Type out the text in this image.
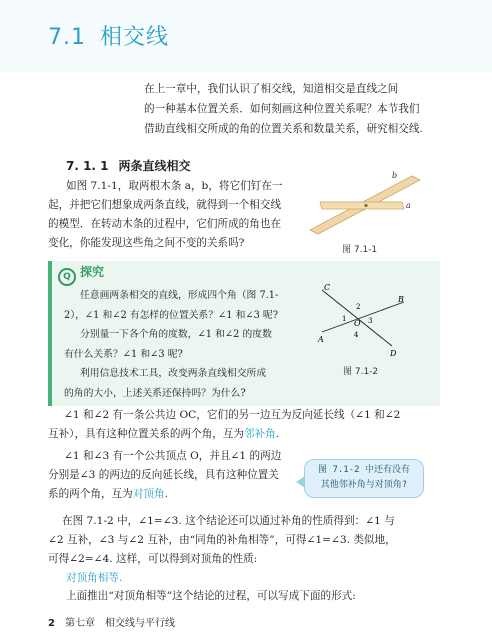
7.1 相交线
在上一章中，我们认识了相交线，知道相交是直线之间
的一种基本位置关系．如何刻画这种位置关系呢？本节我们
借助直线相交所成的角的位置关系和数量关系，研究相交线.
7. 1. 1 两条直线相交
如图 7.1-1，取两根木条 a，b，将它们钉在一
起，并把它们想象成两条直线，就得到一个相交线
的模型．在转动木条的过程中，它们所成的角也在
变化，你能发现这些角之间不变的关系吗?
b
a
图 7.1-1
Q 探究
任意画两条相交的直线，形成四个角（图 7.1-
2），∠1 和∠2 有怎样的位置关系？∠1 和∠3 呢?
分别量一下各个角的度数，∠1 和∠2 的度数
有什么关系？∠1 和∠3 呢?
利用信息技术工具，改变两条直线相交所成
的角的大小，上述关系还保持吗？为什么?
C
B
A
D
O
1
2
3
4
图 7.1-2
∠1 和∠2 有一条公共边 OC，它们的另一边互为反向延长线（∠1 和∠2
互补），具有这种位置关系的两个角，互为邻补角.
∠1 和∠3 有一个公共顶点 O，并且∠1 的两边
分别是∠3 的两边的反向延长线，具有这种位置关
系的两个角，互为对顶角.
图 7.1-2 中还有没有
其他邻补角与对顶角?
在图 7.1-2 中，∠1=∠3. 这个结论还可以通过补角的性质得到：∠1 与
∠2 互补，∠3 与∠2 互补，由“同角的补角相等”，可得∠1=∠3. 类似地，
可得∠2=∠4. 这样，可以得到对顶角的性质:
对顶角相等.
上面推出“对顶角相等”这个结论的过程，可以写成下面的形式:
2 第七章　相交线与平行线
